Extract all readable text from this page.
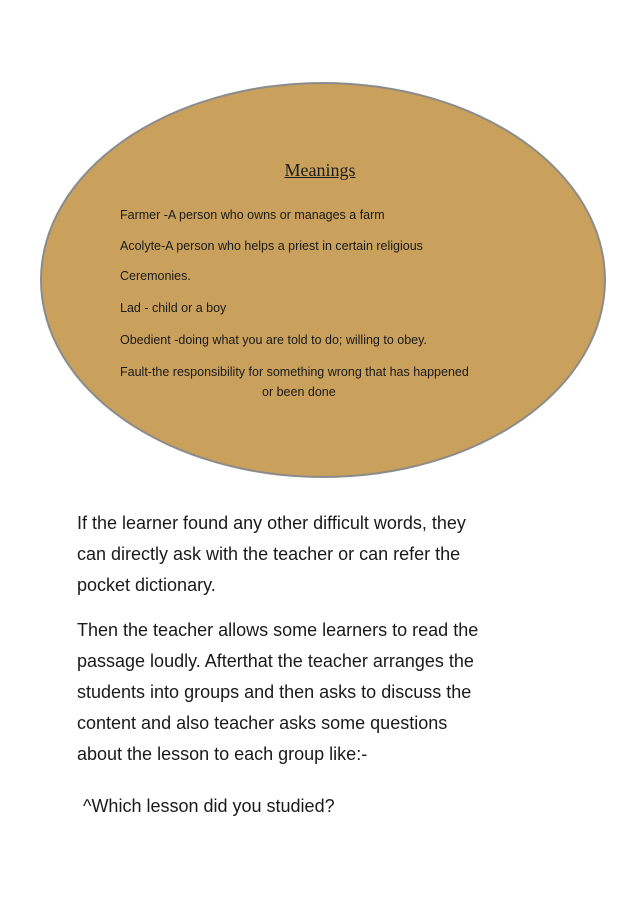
Meanings
Farmer -A person who owns or manages a farm
Acolyte-A person who helps a priest in certain religious
Ceremonies.
Lad - child or a boy
Obedient -doing what you are told to do; willing to obey.
Fault-the responsibility for something wrong that has happened
or been done
If the learner found any other difficult words, they
can directly ask with the teacher or can refer the
pocket dictionary.
Then the teacher allows some learners to read the
passage loudly. Afterthat the teacher arranges the
students into groups and then asks to discuss the
content and also teacher asks some questions
about the lesson to each group like:-
^Which lesson did you studied?
